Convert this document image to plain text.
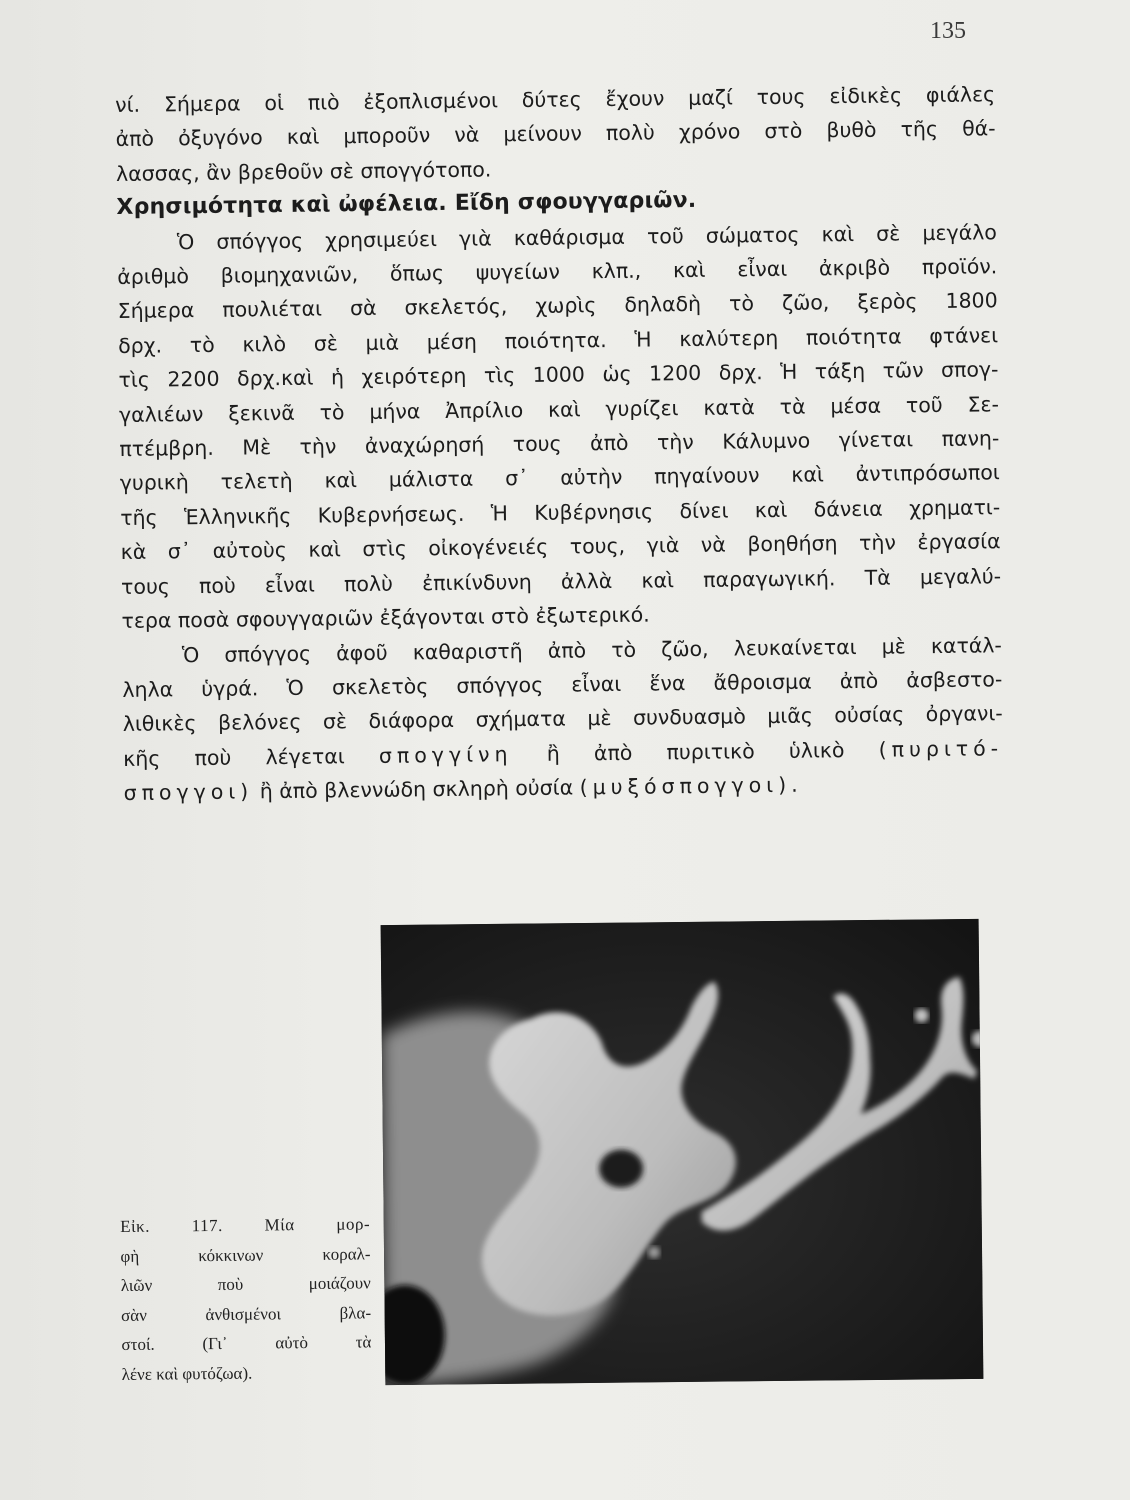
135

νί. Σήμερα οἱ πιὸ ἐξοπλισμένοι δύτες ἔχουν μαζί τους εἰδικὲς φιάλες

ἀπὸ ὀξυγόνο καὶ μποροῦν νὰ μείνουν πολὺ χρόνο στὸ βυθὸ τῆς θά-

λασσας, ἂν βρεθοῦν σὲ σπογγότοπο.

Χρησιμότητα καὶ ὠφέλεια. Εἴδη σφουγγαριῶν.

Ὁ σπόγγος χρησιμεύει γιὰ καθάρισμα τοῦ σώματος καὶ σὲ μεγάλο

ἀριθμὸ βιομηχανιῶν, ὅπως ψυγείων κλπ., καὶ εἶναι ἀκριβὸ προϊόν.

Σήμερα πουλιέται σὰ σκελετός, χωρὶς δηλαδὴ τὸ ζῶο, ξερὸς 1800

δρχ. τὸ κιλὸ σὲ μιὰ μέση ποιότητα. Ἡ καλύτερη ποιότητα φτάνει

τὶς 2200 δρχ.καὶ ἡ χειρότερη τὶς 1000 ὡς 1200 δρχ. Ἡ τάξη τῶν σπογ-

γαλιέων ξεκινᾶ τὸ μήνα Ἀπρίλιο καὶ γυρίζει κατὰ τὰ μέσα τοῦ Σε-

πτέμβρη. Μὲ τὴν ἀναχώρησή τους ἀπὸ τὴν Κάλυμνο γίνεται πανη-

γυρικὴ τελετὴ καὶ μάλιστα σ᾽ αὐτὴν πηγαίνουν καὶ ἀντιπρόσωποι

τῆς Ἑλληνικῆς Κυβερνήσεως. Ἡ Κυβέρνησις δίνει καὶ δάνεια χρηματι-

κὰ σ᾽ αὐτοὺς καὶ στὶς οἰκογένειές τους, γιὰ νὰ βοηθήση τὴν ἐργασία

τους ποὺ εἶναι πολὺ ἐπικίνδυνη ἀλλὰ καὶ παραγωγική. Τὰ μεγαλύ-

τερα ποσὰ σφουγγαριῶν ἐξάγονται στὸ ἐξωτερικό.

Ὁ σπόγγος ἀφοῦ καθαριστῆ ἀπὸ τὸ ζῶο, λευκαίνεται μὲ κατάλ-

ληλα ὑγρά. Ὁ σκελετὸς σπόγγος εἶναι ἕνα ἄθροισμα ἀπὸ ἀσβεστο-

λιθικὲς βελόνες σὲ διάφορα σχήματα μὲ συνδυασμὸ μιᾶς οὐσίας ὀργανι-

κῆς ποὺ λέγεται σπογγίνη ἢ ἀπὸ πυριτικὸ ὑλικὸ (πυριτό-

σπογγοι) ἢ ἀπὸ βλεννώδη σκληρὴ οὐσία (μυξόσπογγοι).

Εἰκ. 117. Μία μορ-

φὴ κόκκινων κοραλ-

λιῶν ποὺ μοιάζουν

σὰν ἀνθισμένοι βλα-

στοί. (Γι᾽ αὐτὸ τὰ

λένε καὶ φυτόζωα).
